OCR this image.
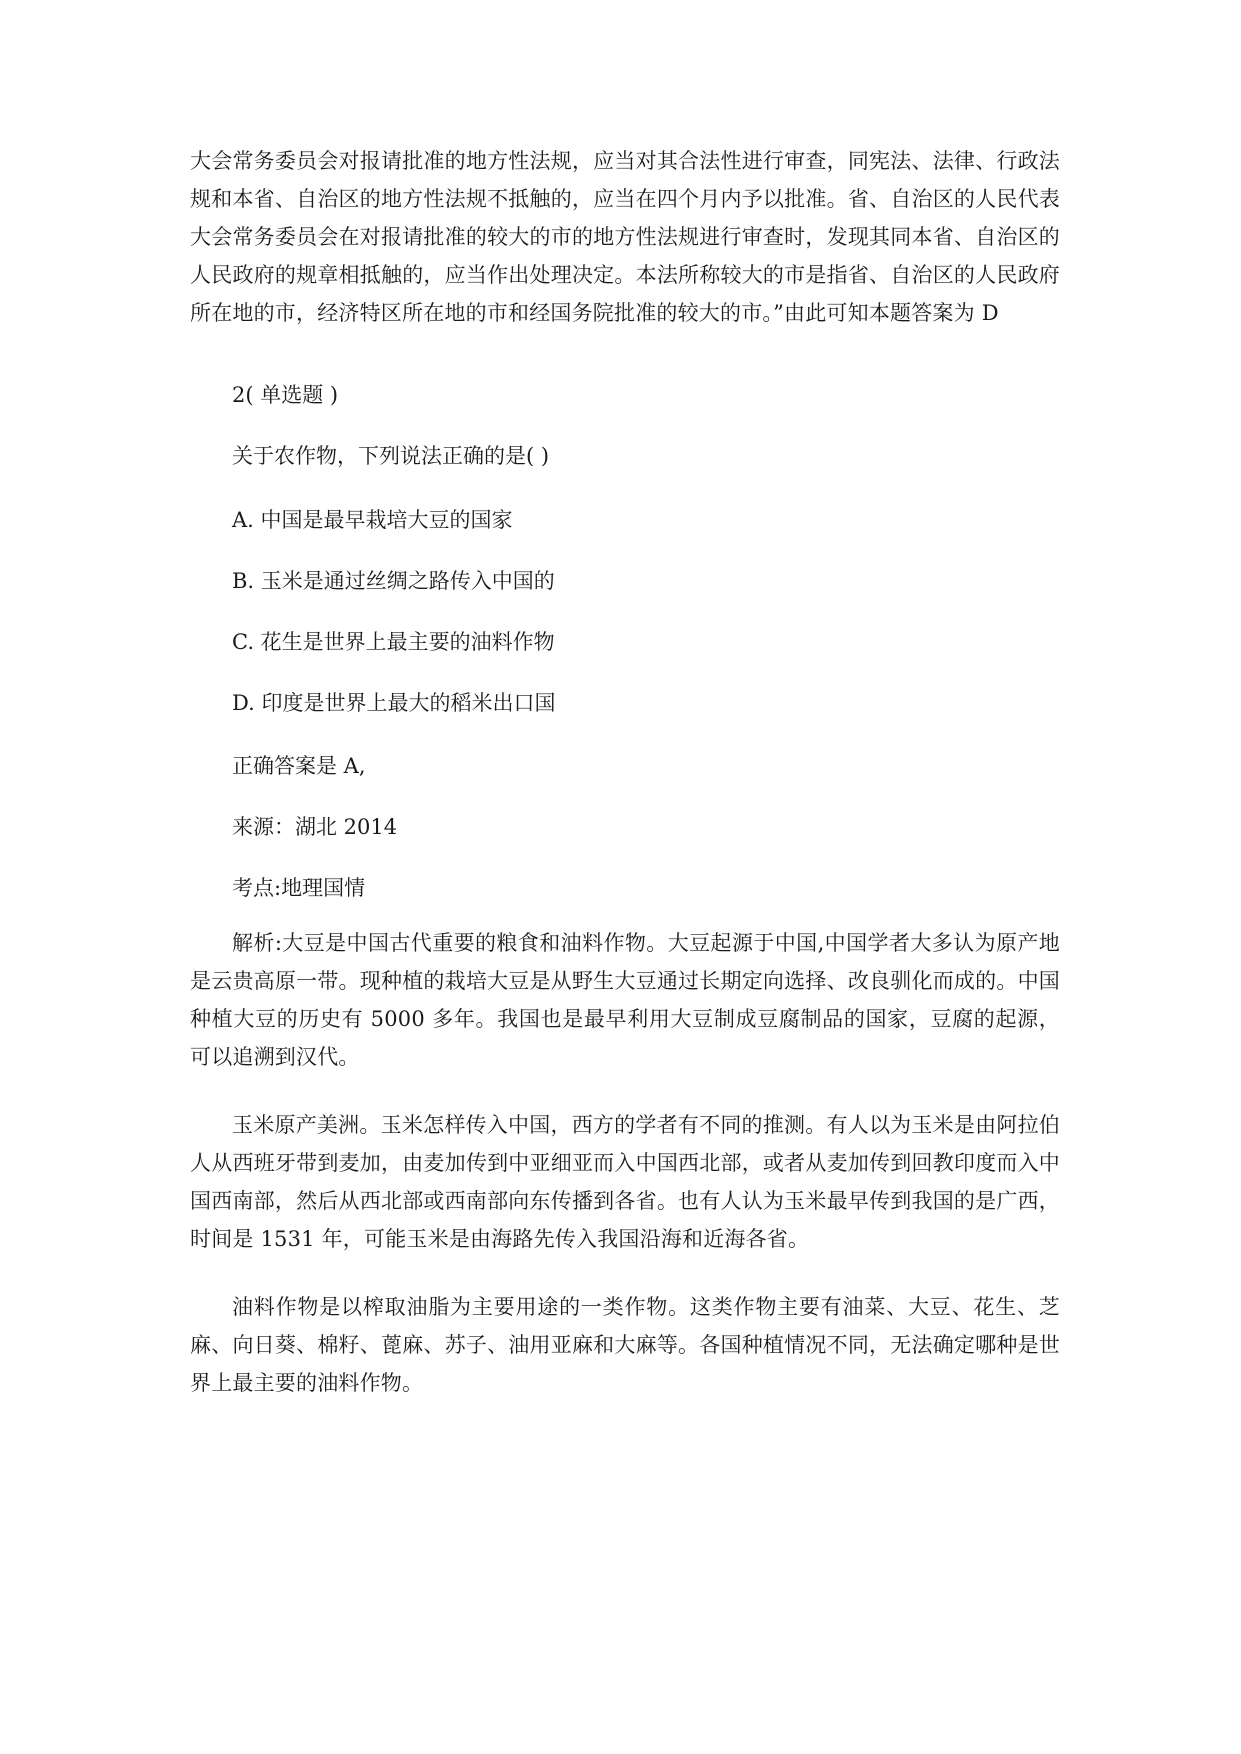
大会常务委员会对报请批准的地方性法规，应当对其合法性进行审查，同宪法、法律、行政法规和本省、自治区的地方性法规不抵触的，应当在四个月内予以批准。省、自治区的人民代表大会常务委员会在对报请批准的较大的市的地方性法规进行审查时，发现其同本省、自治区的人民政府的规章相抵触的，应当作出处理决定。本法所称较大的市是指省、自治区的人民政府所在地的市，经济特区所在地的市和经国务院批准的较大的市。”由此可知本题答案为 D

2( 单选题 )

关于农作物，下列说法正确的是( )

A. 中国是最早栽培大豆的国家

B. 玉米是通过丝绸之路传入中国的

C. 花生是世界上最主要的油料作物

D. 印度是世界上最大的稻米出口国

正确答案是 A,

来源：湖北 2014

考点:地理国情

解析:大豆是中国古代重要的粮食和油料作物。大豆起源于中国,中国学者大多认为原产地是云贵高原一带。现种植的栽培大豆是从野生大豆通过长期定向选择、改良驯化而成的。中国种植大豆的历史有 5000 多年。我国也是最早利用大豆制成豆腐制品的国家，豆腐的起源，可以追溯到汉代。

玉米原产美洲。玉米怎样传入中国，西方的学者有不同的推测。有人以为玉米是由阿拉伯人从西班牙带到麦加，由麦加传到中亚细亚而入中国西北部，或者从麦加传到回教印度而入中国西南部，然后从西北部或西南部向东传播到各省。也有人认为玉米最早传到我国的是广西，时间是 1531 年，可能玉米是由海路先传入我国沿海和近海各省。

油料作物是以榨取油脂为主要用途的一类作物。这类作物主要有油菜、大豆、花生、芝麻、向日葵、棉籽、蓖麻、苏子、油用亚麻和大麻等。各国种植情况不同，无法确定哪种是世界上最主要的油料作物。
